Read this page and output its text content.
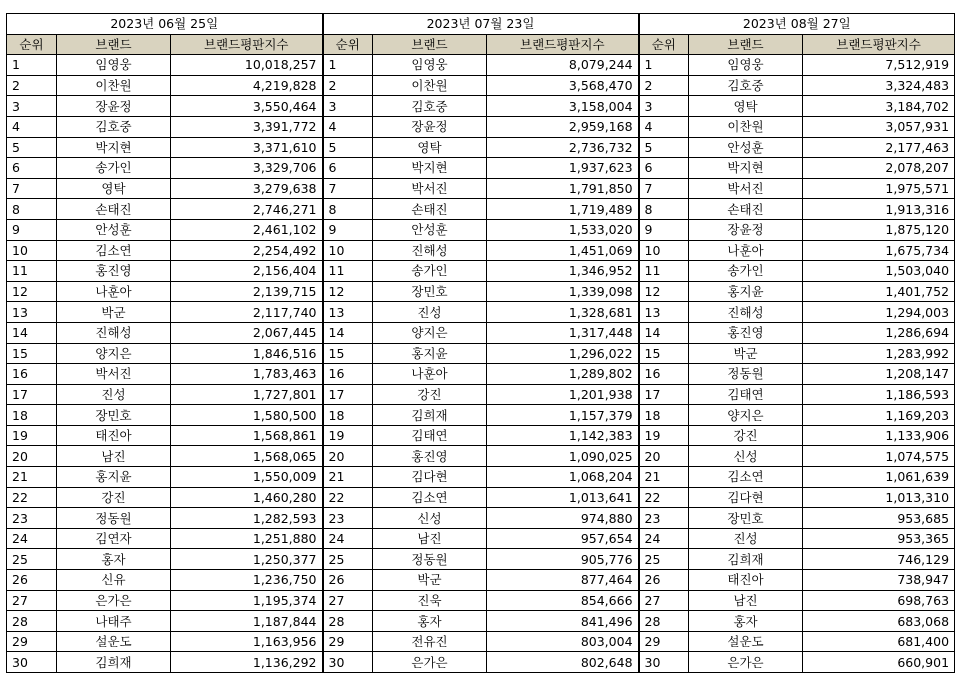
2023년 06월 25일			2023년 07월 23일			2023년 08월 27일		
순위	브랜드	브랜드평판지수	순위	브랜드	브랜드평판지수	순위	브랜드	브랜드평판지수
1	임영웅	10,018,257	1	임영웅	8,079,244	1	임영웅	7,512,919
2	이찬원	4,219,828	2	이찬원	3,568,470	2	김호중	3,324,483
3	장윤정	3,550,464	3	김호중	3,158,004	3	영탁	3,184,702
4	김호중	3,391,772	4	장윤정	2,959,168	4	이찬원	3,057,931
5	박지현	3,371,610	5	영탁	2,736,732	5	안성훈	2,177,463
6	송가인	3,329,706	6	박지현	1,937,623	6	박지현	2,078,207
7	영탁	3,279,638	7	박서진	1,791,850	7	박서진	1,975,571
8	손태진	2,746,271	8	손태진	1,719,489	8	손태진	1,913,316
9	안성훈	2,461,102	9	안성훈	1,533,020	9	장윤정	1,875,120
10	김소연	2,254,492	10	진해성	1,451,069	10	나훈아	1,675,734
11	홍진영	2,156,404	11	송가인	1,346,952	11	송가인	1,503,040
12	나훈아	2,139,715	12	장민호	1,339,098	12	홍지윤	1,401,752
13	박군	2,117,740	13	진성	1,328,681	13	진해성	1,294,003
14	진해성	2,067,445	14	양지은	1,317,448	14	홍진영	1,286,694
15	양지은	1,846,516	15	홍지윤	1,296,022	15	박군	1,283,992
16	박서진	1,783,463	16	나훈아	1,289,802	16	정동원	1,208,147
17	진성	1,727,801	17	강진	1,201,938	17	김태연	1,186,593
18	장민호	1,580,500	18	김희재	1,157,379	18	양지은	1,169,203
19	태진아	1,568,861	19	김태연	1,142,383	19	강진	1,133,906
20	남진	1,568,065	20	홍진영	1,090,025	20	신성	1,074,575
21	홍지윤	1,550,009	21	김다현	1,068,204	21	김소연	1,061,639
22	강진	1,460,280	22	김소연	1,013,641	22	김다현	1,013,310
23	정동원	1,282,593	23	신성	974,880	23	장민호	953,685
24	김연자	1,251,880	24	남진	957,654	24	진성	953,365
25	홍자	1,250,377	25	정동원	905,776	25	김희재	746,129
26	신유	1,236,750	26	박군	877,464	26	태진아	738,947
27	은가은	1,195,374	27	진욱	854,666	27	남진	698,763
28	나태주	1,187,844	28	홍자	841,496	28	홍자	683,068
29	설운도	1,163,956	29	전유진	803,004	29	설운도	681,400
30	김희재	1,136,292	30	은가은	802,648	30	은가은	660,901
